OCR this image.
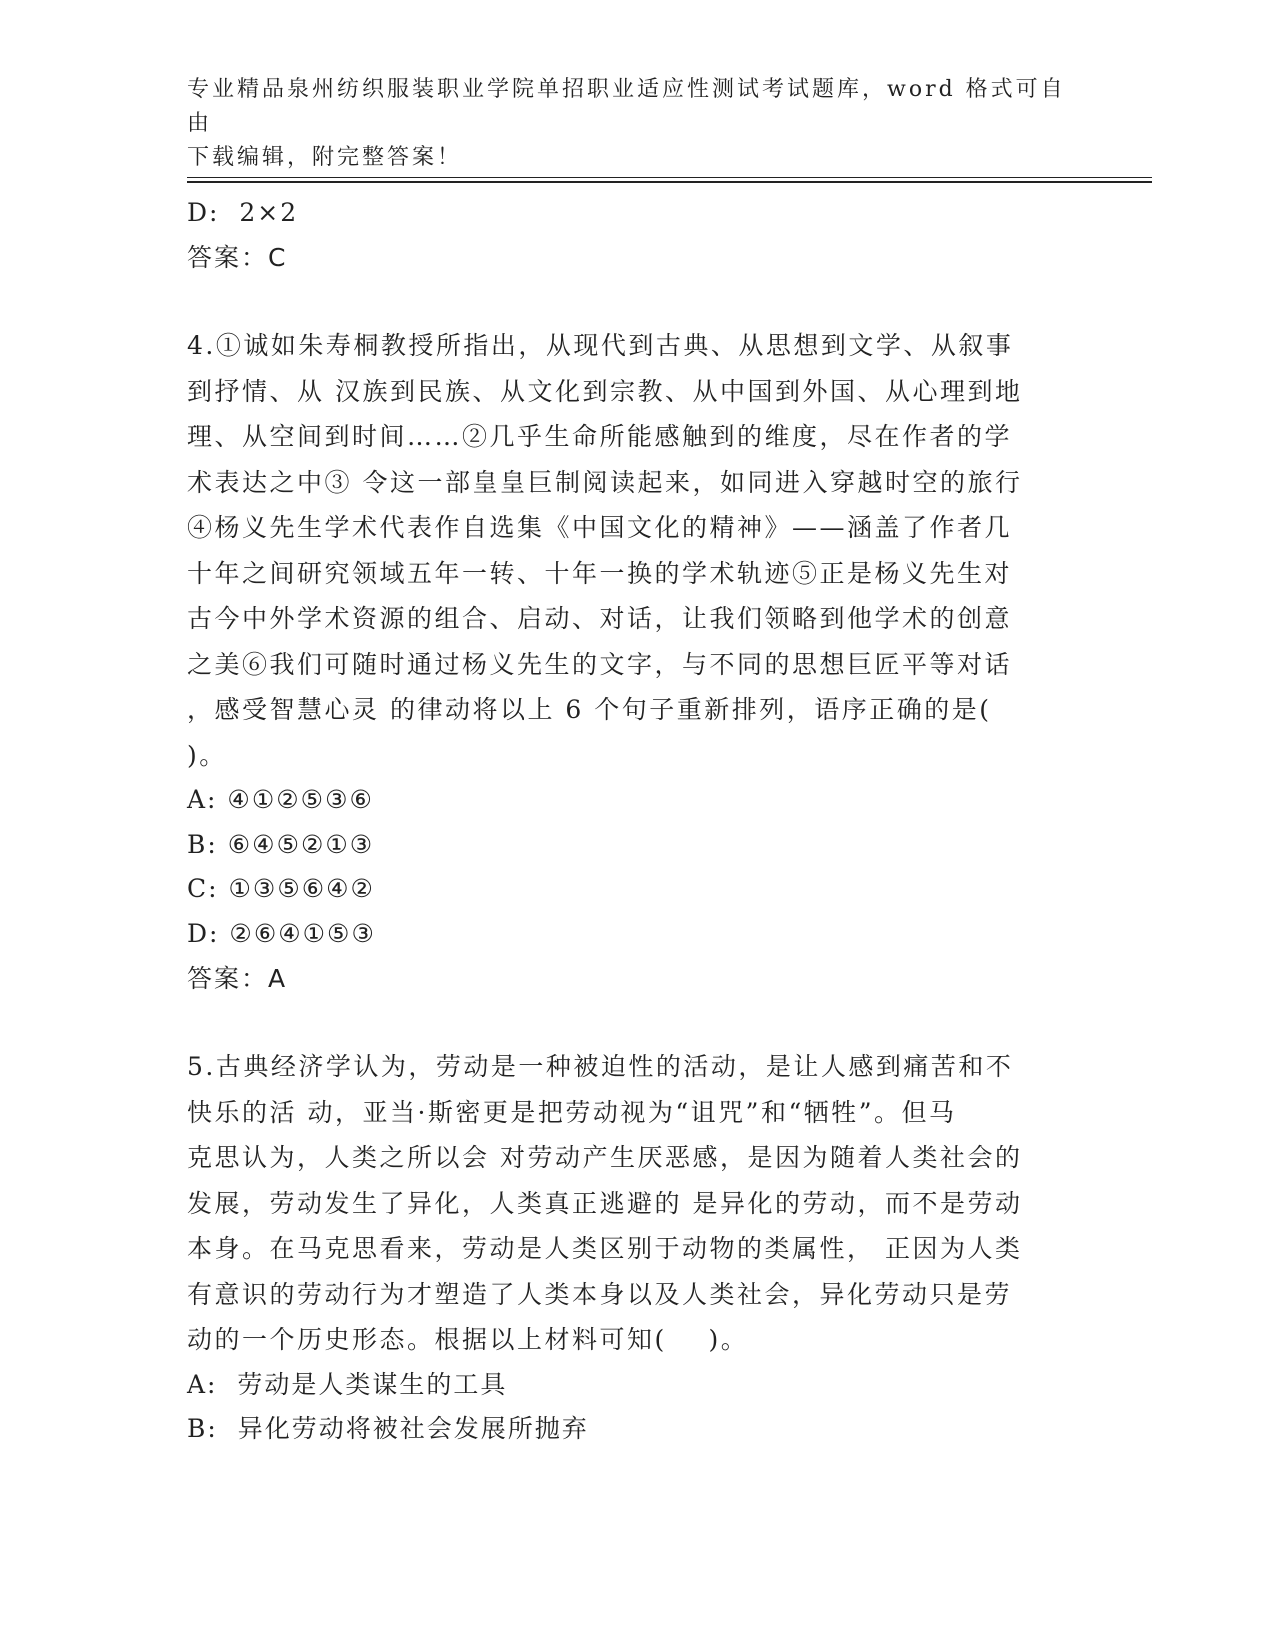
专业精品泉州纺织服装职业学院单招职业适应性测试考试题库，word 格式可自由
下载编辑，附完整答案！
D:  2×2
答案：C
4.①诚如朱寿桐教授所指出，从现代到古典、从思想到文学、从叙事
到抒情、从 汉族到民族、从文化到宗教、从中国到外国、从心理到地
理、从空间到时间……②几乎生命所能感触到的维度，尽在作者的学
术表达之中③ 令这一部皇皇巨制阅读起来，如同进入穿越时空的旅行
④杨义先生学术代表作自选集《中国文化的精神》——涵盖了作者几
十年之间研究领域五年一转、十年一换的学术轨迹⑤正是杨义先生对
古今中外学术资源的组合、启动、对话，让我们领略到他学术的创意
之美⑥我们可随时通过杨义先生的文字，与不同的思想巨匠平等对话
，感受智慧心灵 的律动将以上 6 个句子重新排列，语序正确的是(
)。
A: ④①②⑤③⑥
B: ⑥④⑤②①③
C: ①③⑤⑥④②
D: ②⑥④①⑤③
答案：A
5.古典经济学认为，劳动是一种被迫性的活动，是让人感到痛苦和不
快乐的活 动，亚当·斯密更是把劳动视为“诅咒”和“牺牲”。但马
克思认为，人类之所以会 对劳动产生厌恶感，是因为随着人类社会的
发展，劳动发生了异化，人类真正逃避的 是异化的劳动，而不是劳动
本身。在马克思看来，劳动是人类区别于动物的类属性， 正因为人类
有意识的劳动行为才塑造了人类本身以及人类社会，异化劳动只是劳
动的一个历史形态。根据以上材料可知(    )。
A:  劳动是人类谋生的工具
B:  异化劳动将被社会发展所抛弃
